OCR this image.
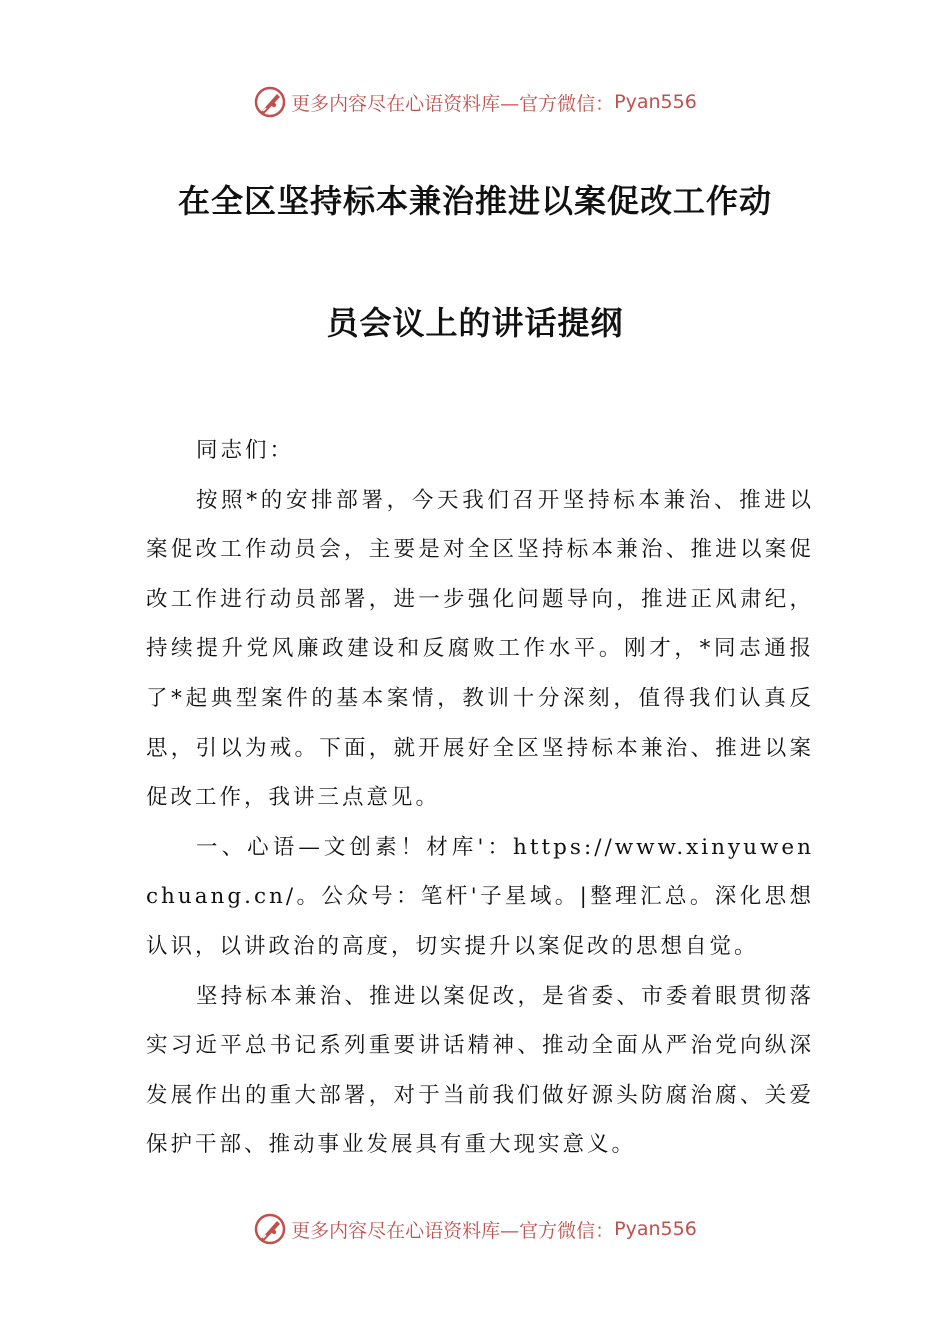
更多内容尽在心语资料库—官方微信： Pyan556
在全区坚持标本兼治推进以案促改工作动
员会议上的讲话提纲

同志们：

按照*的安排部署，今天我们召开坚持标本兼治、推进以案促改工作动员会，主要是对全区坚持标本兼治、推进以案促改工作进行动员部署，进一步强化问题导向，推进正风肃纪，持续提升党风廉政建设和反腐败工作水平。刚才，*同志通报了*起典型案件的基本案情，教训十分深刻，值得我们认真反思，引以为戒。下面，就开展好全区坚持标本兼治、推进以案促改工作，我讲三点意见。

一、心语—文创素！材库'：https://www.xinyuwenchuang.cn/。公众号：笔杆'子星域。|整理汇总。深化思想认识，以讲政治的高度，切实提升以案促改的思想自觉。

坚持标本兼治、推进以案促改，是省委、市委着眼贯彻落实习近平总书记系列重要讲话精神、推动全面从严治党向纵深发展作出的重大部署，对于当前我们做好源头防腐治腐、关爱保护干部、推动事业发展具有重大现实意义。

更多内容尽在心语资料库—官方微信： Pyan556
